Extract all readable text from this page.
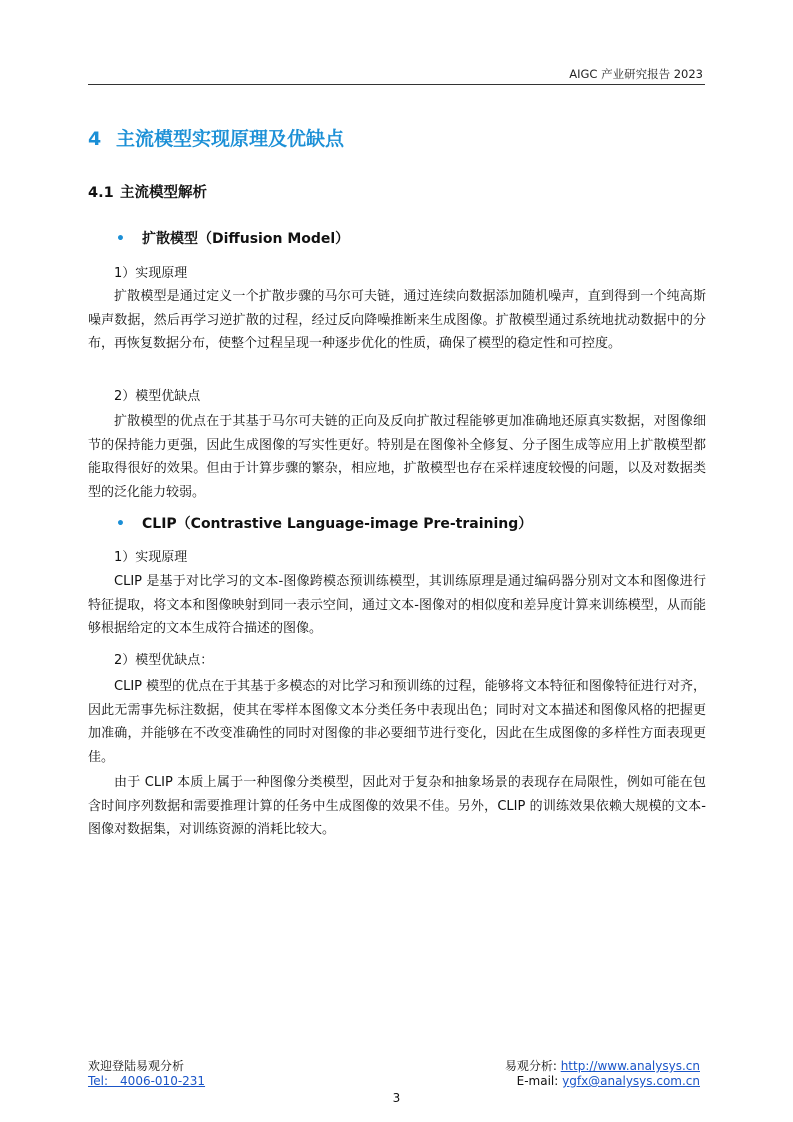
AIGC 产业研究报告 2023
4 主流模型实现原理及优缺点
4.1 主流模型解析
• 扩散模型（Diffusion Model）
1）实现原理
扩散模型是通过定义一个扩散步骤的马尔可夫链，通过连续向数据添加随机噪声，直到得到一个纯高斯噪声数据，然后再学习逆扩散的过程，经过反向降噪推断来生成图像。扩散模型通过系统地扰动数据中的分布，再恢复数据分布，使整个过程呈现一种逐步优化的性质，确保了模型的稳定性和可控度。
2）模型优缺点
扩散模型的优点在于其基于马尔可夫链的正向及反向扩散过程能够更加准确地还原真实数据，对图像细节的保持能力更强，因此生成图像的写实性更好。特别是在图像补全修复、分子图生成等应用上扩散模型都能取得很好的效果。但由于计算步骤的繁杂，相应地，扩散模型也存在采样速度较慢的问题，以及对数据类型的泛化能力较弱。
• CLIP（Contrastive Language-image Pre-training）
1）实现原理
CLIP 是基于对比学习的文本-图像跨模态预训练模型，其训练原理是通过编码器分别对文本和图像进行特征提取，将文本和图像映射到同一表示空间，通过文本-图像对的相似度和差异度计算来训练模型，从而能够根据给定的文本生成符合描述的图像。
2）模型优缺点：
CLIP 模型的优点在于其基于多模态的对比学习和预训练的过程，能够将文本特征和图像特征进行对齐，因此无需事先标注数据，使其在零样本图像文本分类任务中表现出色；同时对文本描述和图像风格的把握更加准确，并能够在不改变准确性的同时对图像的非必要细节进行变化，因此在生成图像的多样性方面表现更佳。
由于 CLIP 本质上属于一种图像分类模型，因此对于复杂和抽象场景的表现存在局限性，例如可能在包含时间序列数据和需要推理计算的任务中生成图像的效果不佳。另外，CLIP 的训练效果依赖大规模的文本-图像对数据集，对训练资源的消耗比较大。
欢迎登陆易观分析
Tel:　4006-010-231
易观分析: http://www.analysys.cn
E-mail: ygfx@analysys.com.cn
3
